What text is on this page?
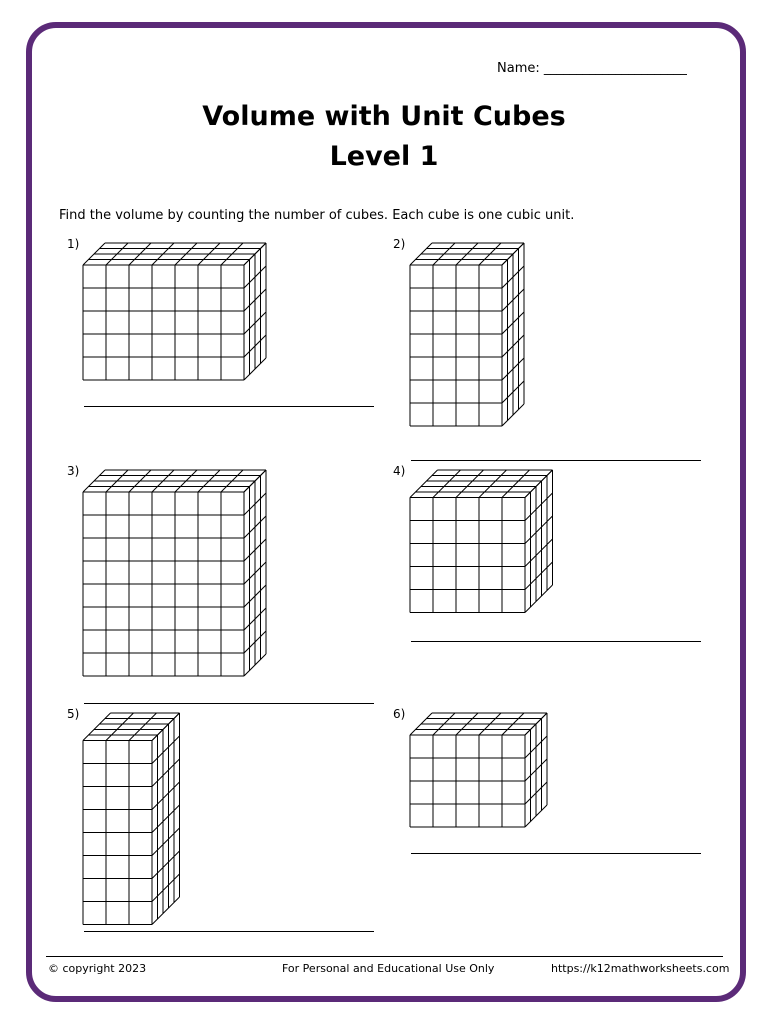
Name: ______________________
Volume with Unit Cubes
Level 1
Find the volume by counting the number of cubes. Each cube is one cubic unit.
1)	2)
3)	4)
5)	6)
© copyright 2023	For Personal and Educational Use Only	https://k12mathworksheets.com
